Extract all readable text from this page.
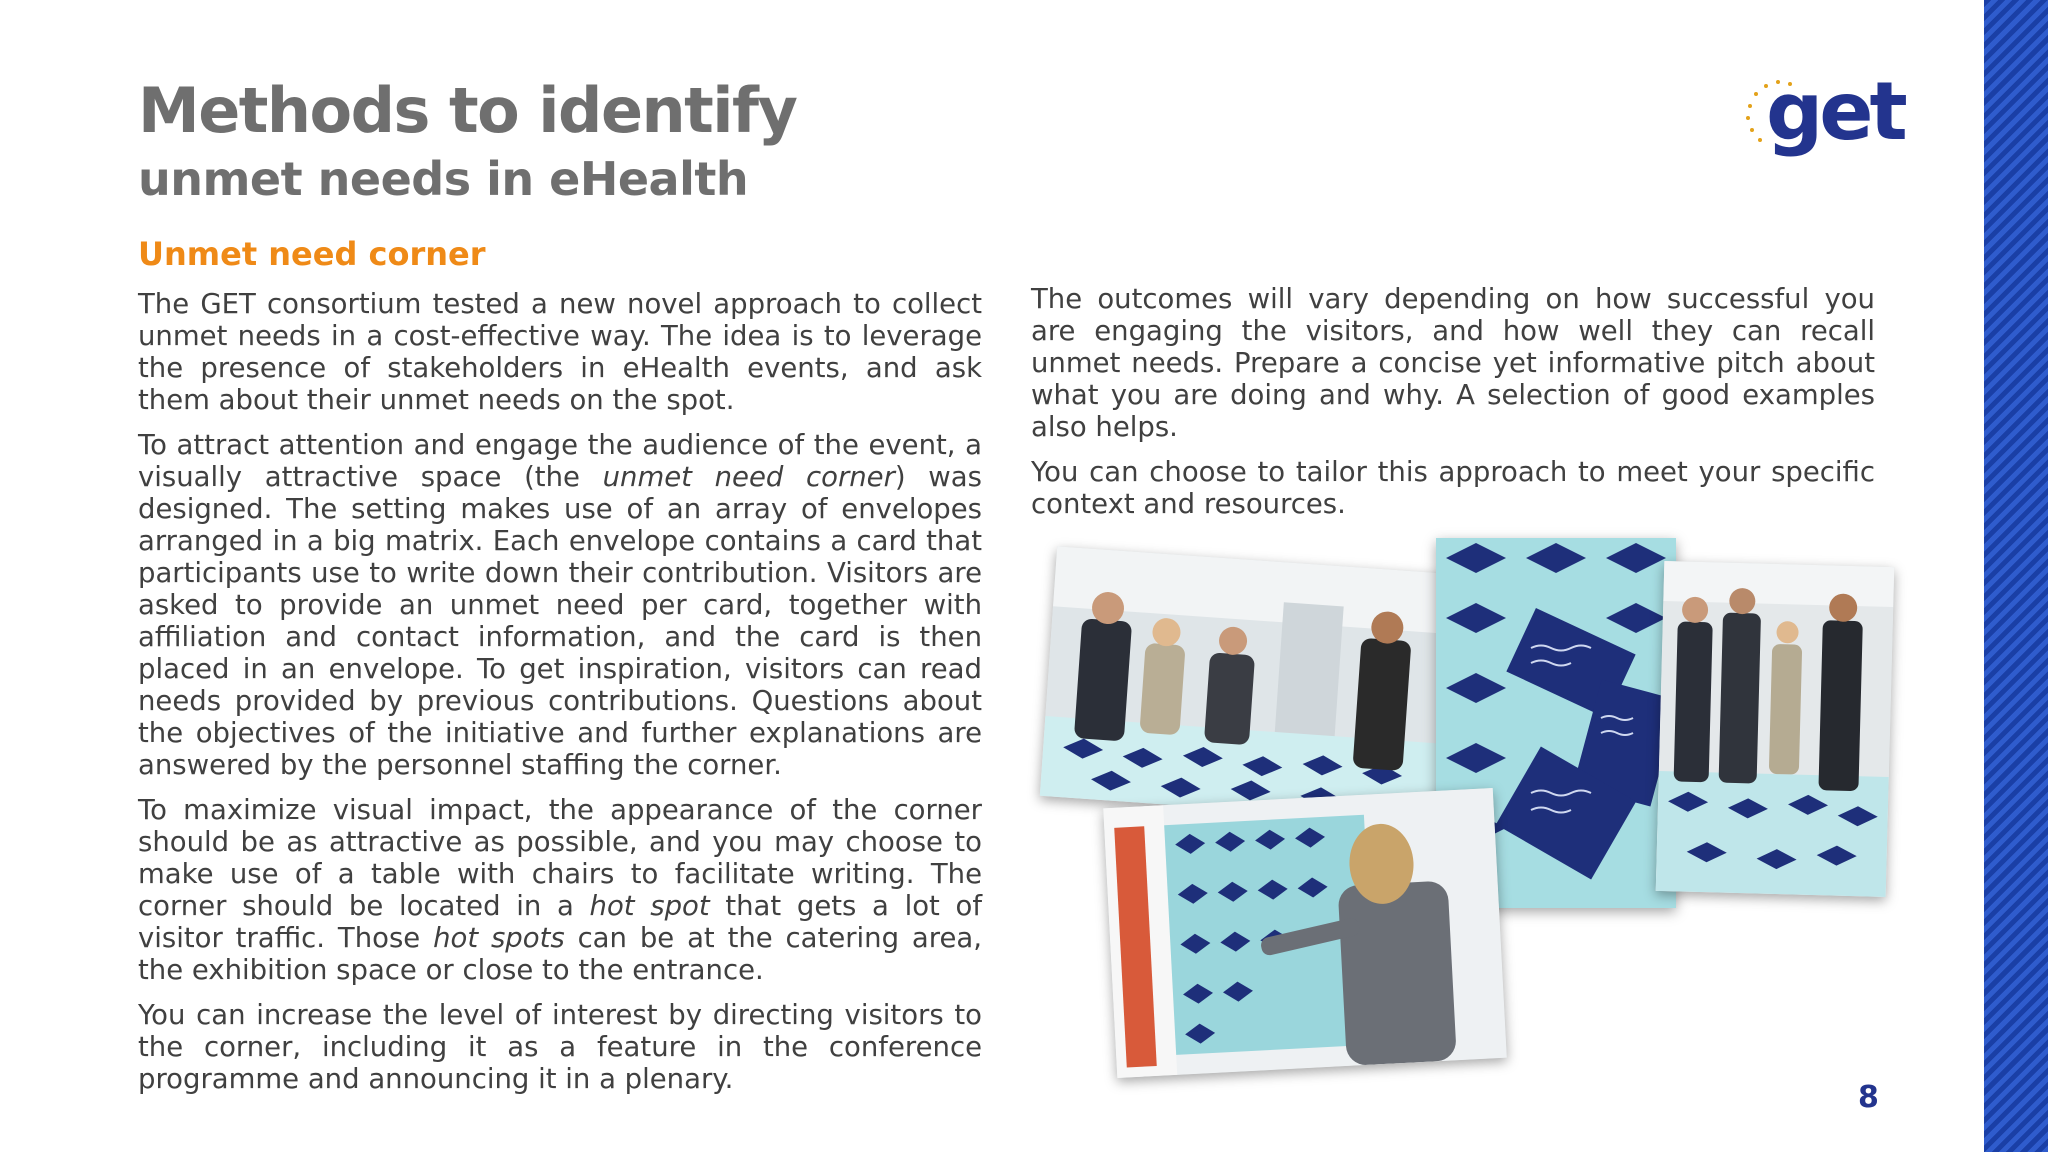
Methods to identify
unmet needs in eHealth
get
Unmet need corner

The GET consortium tested a new novel approach to collect unmet needs in a cost-effective way. The idea is to leverage the presence of stakeholders in eHealth events, and ask them about their unmet needs on the spot.

To attract attention and engage the audience of the event, a visually attractive space (the unmet need corner) was designed. The setting makes use of an array of envelopes arranged in a big matrix. Each envelope contains a card that participants use to write down their contribution. Visitors are asked to provide an unmet need per card, together with affiliation and contact information, and the card is then placed in an envelope. To get inspiration, visitors can read needs provided by previous contributions. Questions about the objectives of the initiative and further explanations are answered by the personnel staffing the corner.

To maximize visual impact, the appearance of the corner should be as attractive as possible, and you may choose to make use of a table with chairs to facilitate writing. The corner should be located in a hot spot that gets a lot of visitor traffic. Those hot spots can be at the catering area, the exhibition space or close to the entrance.

You can increase the level of interest by directing visitors to the corner, including it as a feature in the conference programme and announcing it in a plenary.

The outcomes will vary depending on how successful you are engaging the visitors, and how well they can recall unmet needs. Prepare a concise yet informative pitch about what you are doing and why. A selection of good examples also helps.

You can choose to tailor this approach to meet your specific context and resources.

8
